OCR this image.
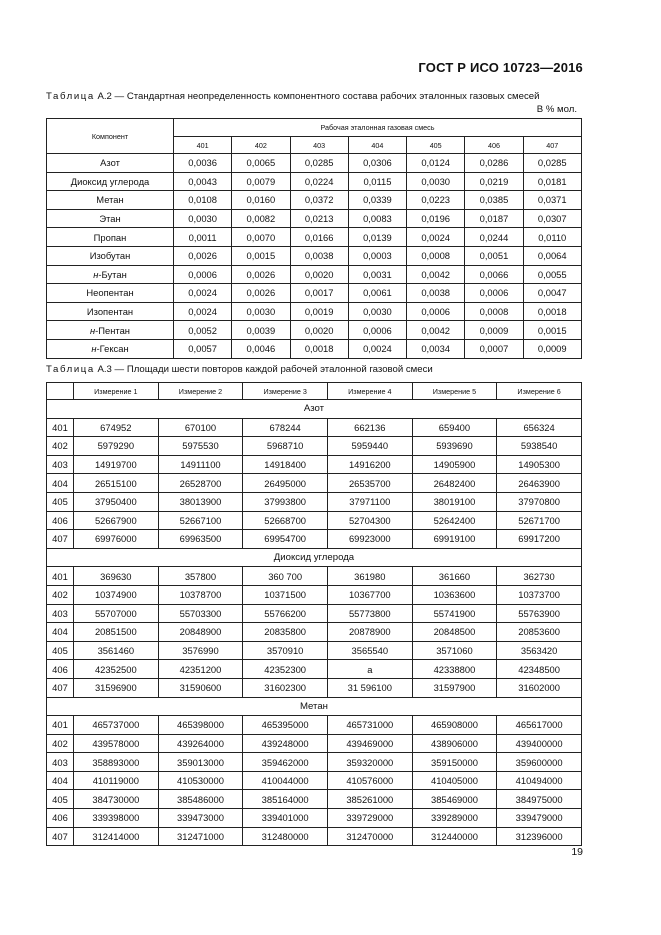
ГОСТ Р ИСО 10723—2016
Таблица А.2 — Стандартная неопределенность компонентного состава рабочих эталонных газовых смесей
В % мол.
Компонент	Рабочая эталонная газовая смесь						
	401	402	403	404	405	406	407
Азот	0,0036	0,0065	0,0285	0,0306	0,0124	0,0286	0,0285
Диоксид углерода	0,0043	0,0079	0,0224	0,0115	0,0030	0,0219	0,0181
Метан	0,0108	0,0160	0,0372	0,0339	0,0223	0,0385	0,0371
Этан	0,0030	0,0082	0,0213	0,0083	0,0196	0,0187	0,0307
Пропан	0,0011	0,0070	0,0166	0,0139	0,0024	0,0244	0,0110
Изобутан	0,0026	0,0015	0,0038	0,0003	0,0008	0,0051	0,0064
н-Бутан	0,0006	0,0026	0,0020	0,0031	0,0042	0,0066	0,0055
Неопентан	0,0024	0,0026	0,0017	0,0061	0,0038	0,0006	0,0047
Изопентан	0,0024	0,0030	0,0019	0,0030	0,0006	0,0008	0,0018
н-Пентан	0,0052	0,0039	0,0020	0,0006	0,0042	0,0009	0,0015
н-Гексан	0,0057	0,0046	0,0018	0,0024	0,0034	0,0007	0,0009
Таблица А.3 — Площади шести повторов каждой рабочей эталонной газовой смеси
	Измерение 1	Измерение 2	Измерение 3	Измерение 4	Измерение 5	Измерение 6
Азот						
401	674952	670100	678244	662136	659400	656324
402	5979290	5975530	5968710	5959440	5939690	5938540
403	14919700	14911100	14918400	14916200	14905900	14905300
404	26515100	26528700	26495000	26535700	26482400	26463900
405	37950400	38013900	37993800	37971100	38019100	37970800
406	52667900	52667100	52668700	52704300	52642400	52671700
407	69976000	69963500	69954700	69923000	69919100	69917200
Диоксид углерода						
401	369630	357800	360 700	361980	361660	362730
402	10374900	10378700	10371500	10367700	10363600	10373700
403	55707000	55703300	55766200	55773800	55741900	55763900
404	20851500	20848900	20835800	20878900	20848500	20853600
405	3561460	3576990	3570910	3565540	3571060	3563420
406	42352500	42351200	42352300	a	42338800	42348500
407	31596900	31590600	31602300	31 596100	31597900	31602000
Метан						
401	465737000	465398000	465395000	465731000	465908000	465617000
402	439578000	439264000	439248000	439469000	438906000	439400000
403	358893000	359013000	359462000	359320000	359150000	359600000
404	410119000	410530000	410044000	410576000	410405000	410494000
405	384730000	385486000	385164000	385261000	385469000	384975000
406	339398000	339473000	339401000	339729000	339289000	339479000
407	312414000	312471000	312480000	312470000	312440000	312396000
19
